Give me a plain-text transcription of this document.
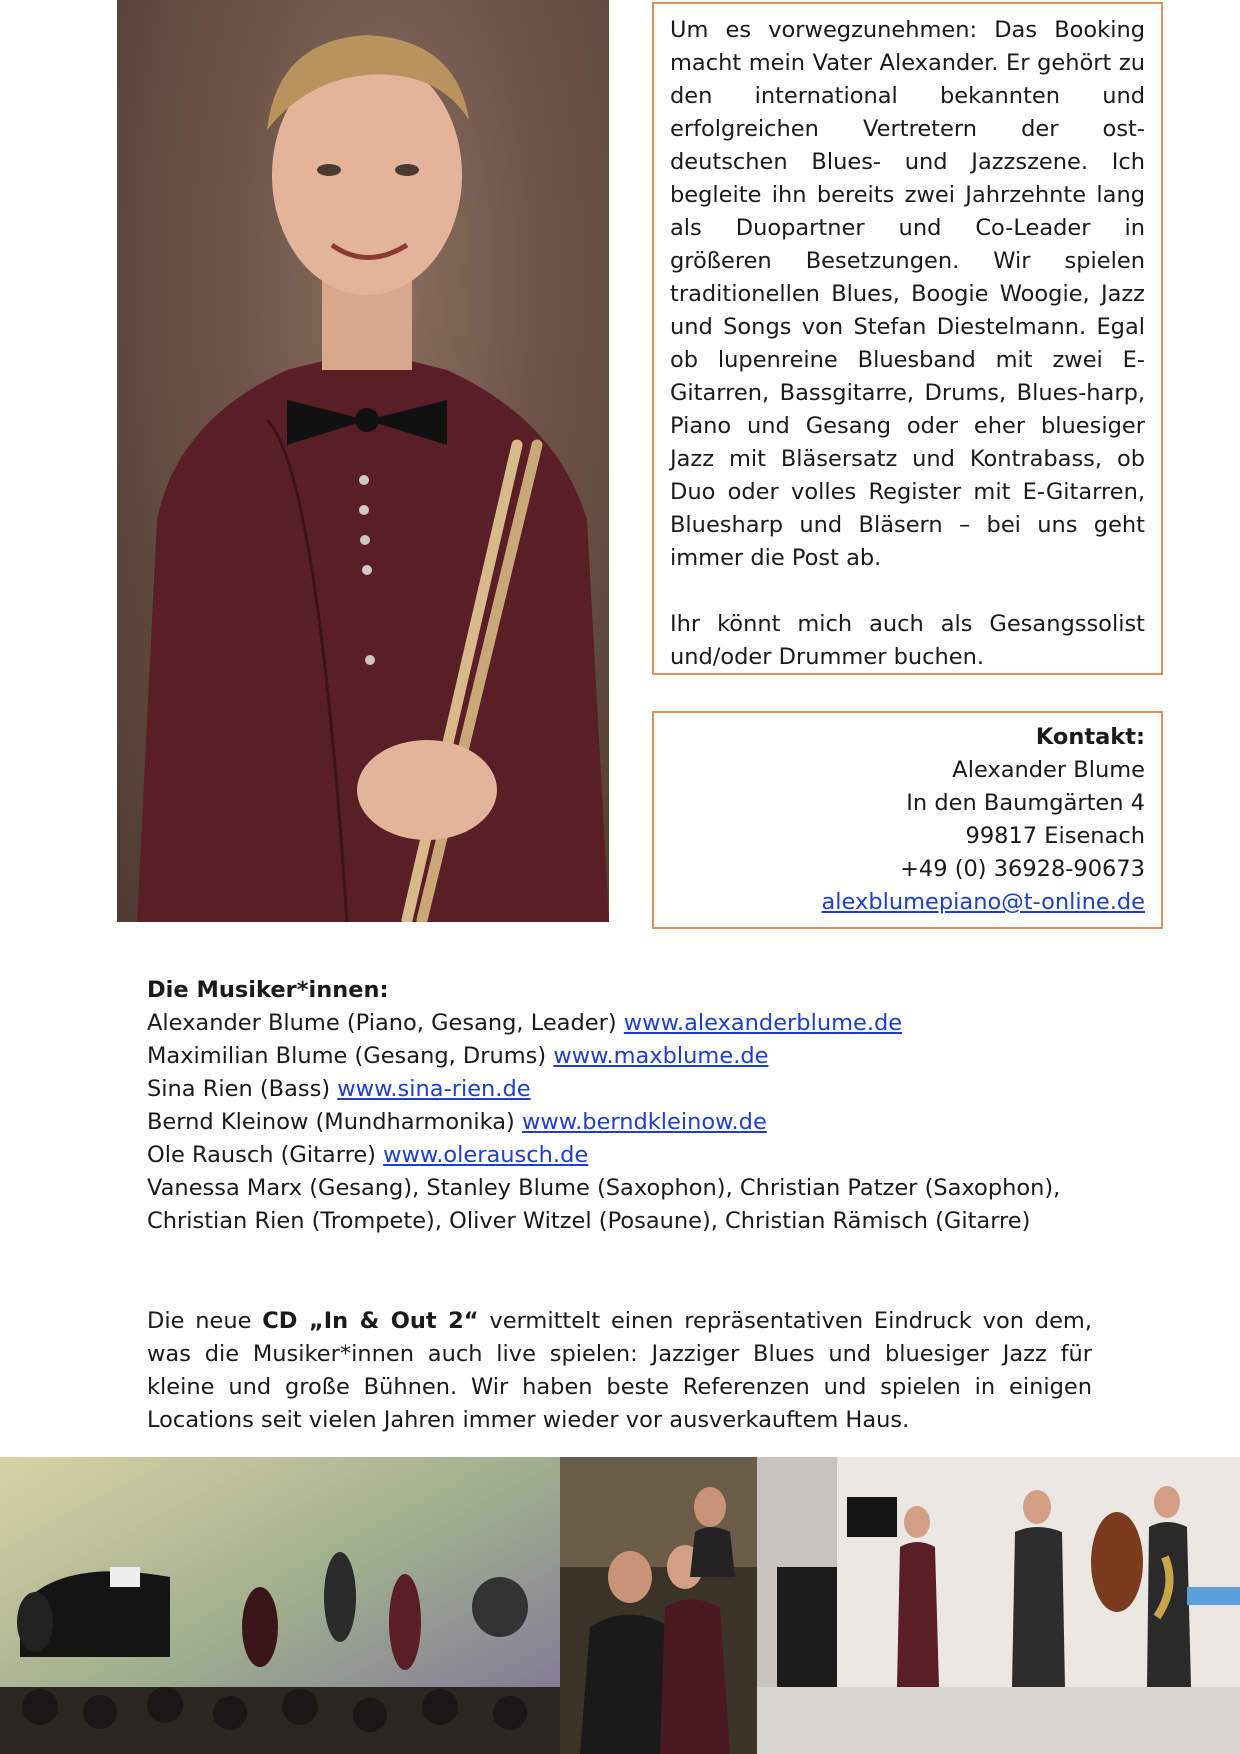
Um es vorwegzunehmen: Das Booking macht mein Vater Alexander. Er gehört zu den international bekannten und erfolgreichen Vertretern der ost-deutschen Blues- und Jazzszene. Ich begleite ihn bereits zwei Jahrzehnte lang als Duopartner und Co-Leader in größeren Besetzungen. Wir spielen traditionellen Blues, Boogie Woogie, Jazz und Songs von Stefan Diestelmann. Egal ob lupenreine Bluesband mit zwei E-Gitarren, Bassgitarre, Drums, Blues-harp, Piano und Gesang oder eher bluesiger Jazz mit Bläsersatz und Kontrabass, ob Duo oder volles Register mit E-Gitarren, Bluesharp und Bläsern – bei uns geht immer die Post ab.

Ihr könnt mich auch als Gesangssolist und/oder Drummer buchen.

Kontakt:
Alexander Blume
In den Baumgärten 4
99817 Eisenach
+49 (0) 36928-90673
alexblumepiano@t-online.de
Die Musiker*innen:
Alexander Blume (Piano, Gesang, Leader) www.alexanderblume.de
Maximilian Blume (Gesang, Drums) www.maxblume.de
Sina Rien (Bass) www.sina-rien.de
Bernd Kleinow (Mundharmonika) www.berndkleinow.de
Ole Rausch (Gitarre) www.olerausch.de
Vanessa Marx (Gesang), Stanley Blume (Saxophon), Christian Patzer (Saxophon), Christian Rien (Trompete), Oliver Witzel (Posaune), Christian Rämisch (Gitarre)

Die neue CD „In & Out 2“ vermittelt einen repräsentativen Eindruck von dem, was die Musiker*innen auch live spielen: Jazziger Blues und bluesiger Jazz für kleine und große Bühnen. Wir haben beste Referenzen und spielen in einigen Locations seit vielen Jahren immer wieder vor ausverkauftem Haus.
